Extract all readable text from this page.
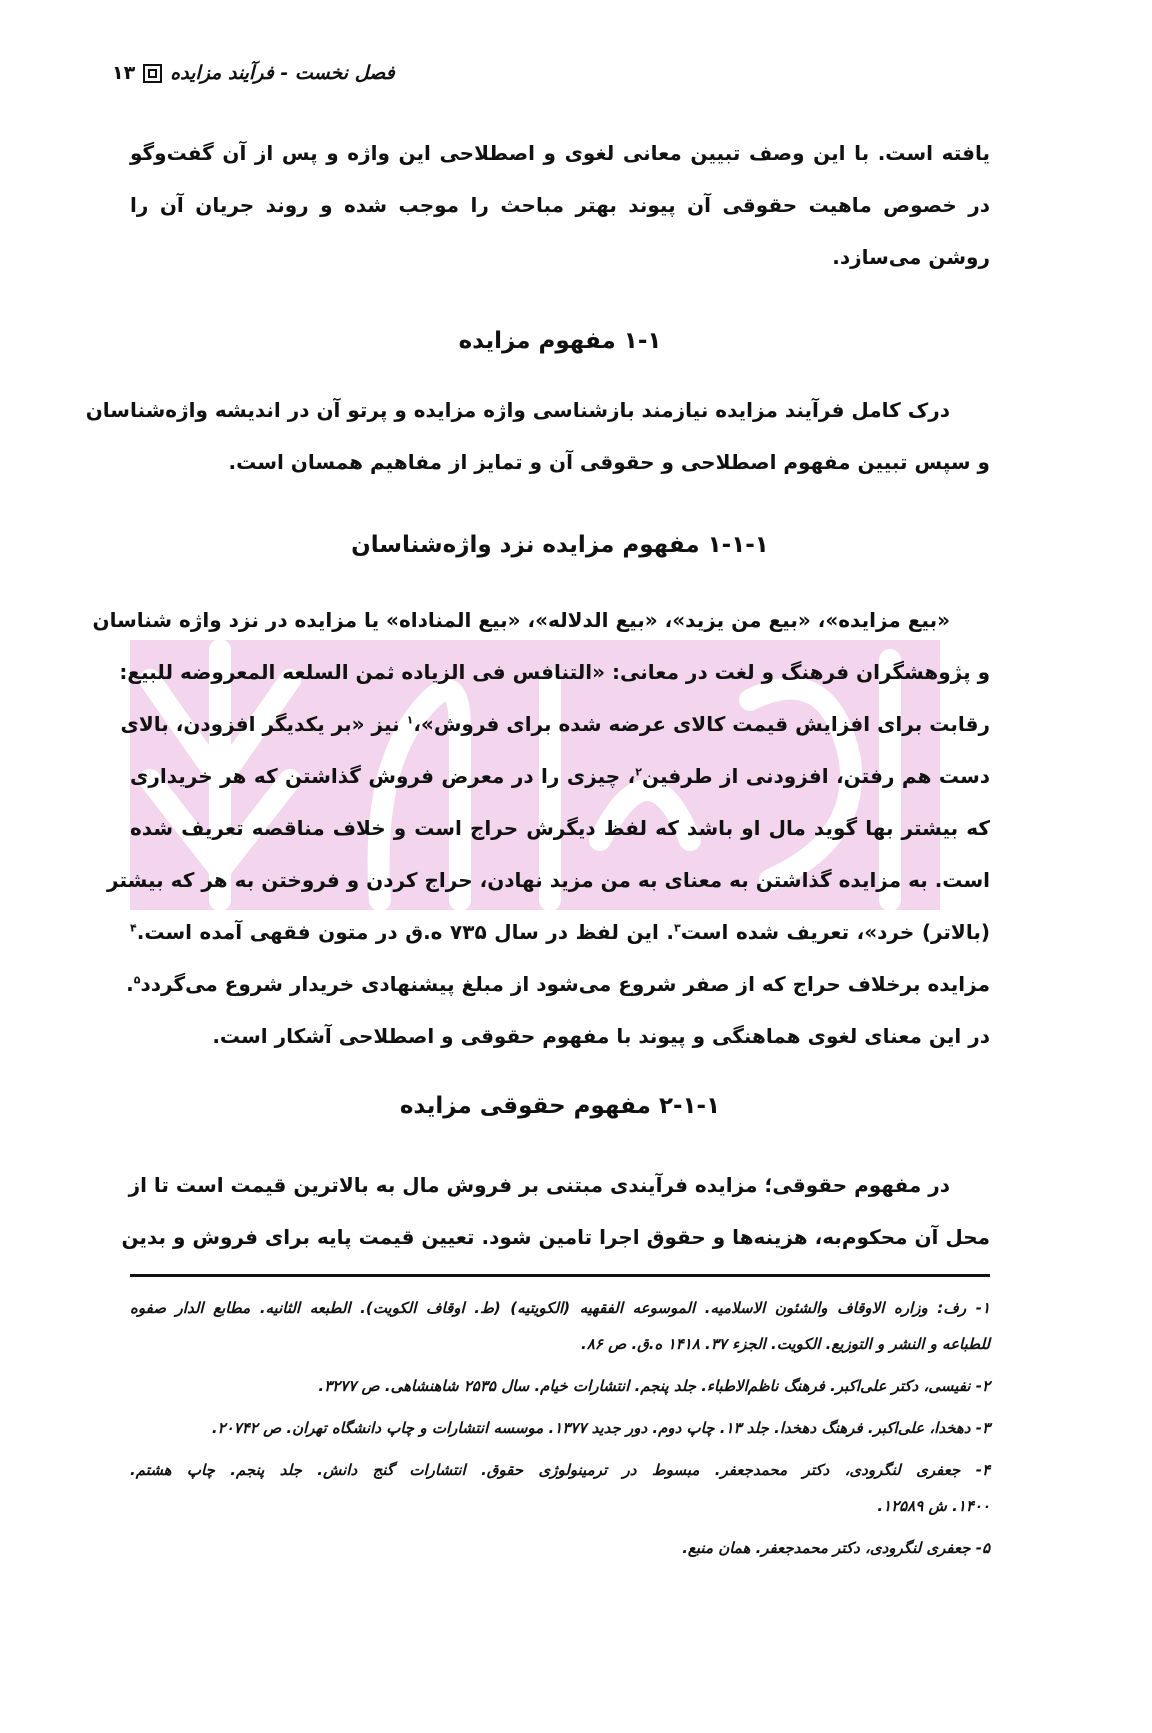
۱۳ فصل نخست - فرآیند مزایده
یافته است. با این وصف تبیین معانی لغوی و اصطلاحی این واژه و پس از آن گفت‌وگو
در خصوص ماهیت حقوقی آن پیوند بهتر مباحث را موجب شده و روند جریان آن را
روشن می‌سازد.
۱-۱ مفهوم مزایده
درک کامل فرآیند مزایده نیازمند بازشناسی واژه مزایده و پرتو آن در اندیشه واژه‌شناسان
و سپس تبیین مفهوم اصطلاحی و حقوقی آن و تمایز از مفاهیم همسان است.
۱-۱-۱ مفهوم مزایده نزد واژه‌شناسان
«بیع مزایده»، «بیع من یزید»، «بیع الدلاله»، «بیع المناداه» یا مزایده در نزد واژه شناسان
و پژوهشگران فرهنگ و لغت در معانی: «التنافس فی الزیاده ثمن السلعه المعروضه للبیع:
رقابت برای افزایش قیمت کالای عرضه شده برای فروش»،$^۱$ نیز «بر یکدیگر افزودن، بالای
دست هم رفتن، افزودنی از طرفین$^۲$، چیزی را در معرض فروش گذاشتن که هر خریداری
که بیشتر بها گوید مال او باشد که لفظ دیگرش حراج است و خلاف مناقصه تعریف شده
است. به مزایده گذاشتن به معنای به من مزید نهادن، حراج کردن و فروختن به هر که بیشتر
(بالاتر) خرد»، تعریف شده است$^۳$. این لفظ در سال ۷۳۵ ه.ق در متون فقهی آمده است.$^۴$
مزایده برخلاف حراج که از صفر شروع می‌شود از مبلغ پیشنهادی خریدار شروع می‌گردد$^۵$.
در این معنای لغوی هماهنگی و پیوند با مفهوم حقوقی و اصطلاحی آشکار است.
۲-۱-۱ مفهوم حقوقی مزایده
در مفهوم حقوقی؛ مزایده فرآیندی مبتنی بر فروش مال به بالاترین قیمت است تا از
محل آن محکوم‌به، هزینه‌ها و حقوق اجرا تامین شود. تعیین قیمت پایه برای فروش و بدین
۱- رف: وزاره الاوقاف والشئون الاسلامیه. الموسوعه الفقهیه (الکویتیه) (ط. اوقاف الکویت). الطبعه الثانیه. مطابع الدار صفوه
للطباعه و النشر و التوزیع. الکویت. الجزء ۳۷. ۱۴۱۸ ه.ق. ص ۸۶.
۲- نفیسی، دکتر علی‌اکبر. فرهنگ ناظم‌الاطباء. جلد پنجم. انتشارات خیام. سال ۲۵۳۵ شاهنشاهی. ص ۳۲۷۷.
۳- دهخدا، علی‌اکبر. فرهنگ دهخدا. جلد ۱۳. چاپ دوم. دور جدید ۱۳۷۷. موسسه انتشارات و چاپ دانشگاه تهران. ص ۲۰۷۴۲.
۴- جعفری لنگرودی، دکتر محمدجعفر. مبسوط در ترمینولوژی حقوق. انتشارات گنج دانش. جلد پنجم. چاپ هشتم.
۱۴۰۰. ش ۱۲۵۸۹.
۵- جعفری لنگرودی، دکتر محمدجعفر. همان منبع.
